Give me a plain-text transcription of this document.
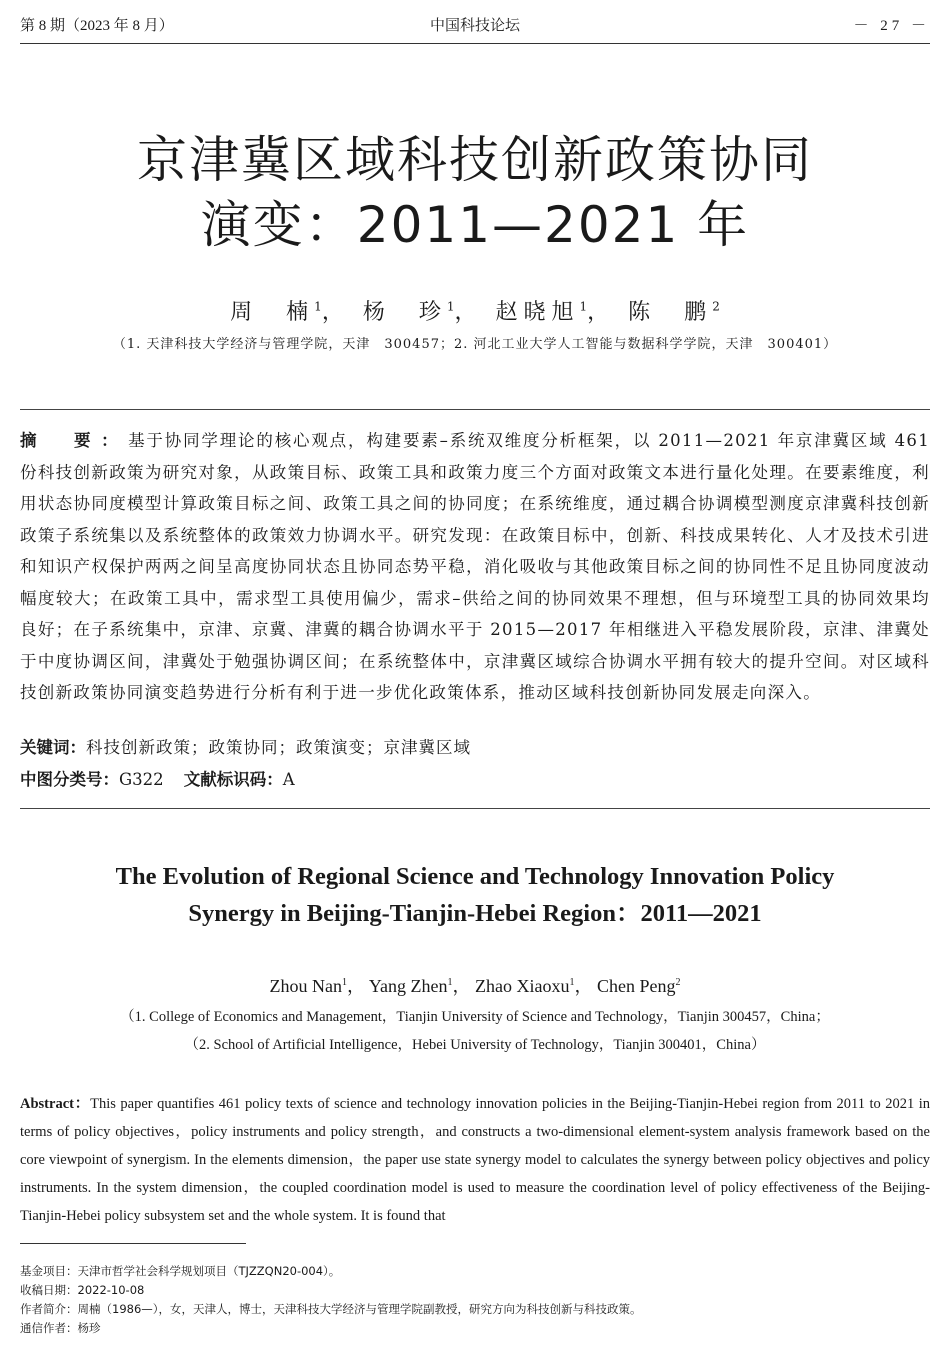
第 8 期（2023 年 8 月）	中国科技论坛	－ 27 －
京津冀区域科技创新政策协同
演变：2011—2021 年
周　楠$^1$， 杨　珍$^1$， 赵晓旭$^1$， 陈　鹏$^2$
（1. 天津科技大学经济与管理学院，天津　300457；2. 河北工业大学人工智能与数据科学学院，天津　300401）
摘　要：基于协同学理论的核心观点，构建要素–系统双维度分析框架，以 2011—2021 年京津冀区域 461 份科技创新政策为研究对象，从政策目标、政策工具和政策力度三个方面对政策文本进行量化处理。在要素维度，利用状态协同度模型计算政策目标之间、政策工具之间的协同度；在系统维度，通过耦合协调模型测度京津冀科技创新政策子系统集以及系统整体的政策效力协调水平。研究发现：在政策目标中，创新、科技成果转化、人才及技术引进和知识产权保护两两之间呈高度协同状态且协同态势平稳，消化吸收与其他政策目标之间的协同性不足且协同度波动幅度较大；在政策工具中，需求型工具使用偏少，需求–供给之间的协同效果不理想，但与环境型工具的协同效果均良好；在子系统集中，京津、京冀、津冀的耦合协调水平于 2015—2017 年相继进入平稳发展阶段，京津、津冀处于中度协调区间，津冀处于勉强协调区间；在系统整体中，京津冀区域综合协调水平拥有较大的提升空间。对区域科技创新政策协同演变趋势进行分析有利于进一步优化政策体系，推动区域科技创新协同发展走向深入。
关键词：科技创新政策；政策协同；政策演变；京津冀区域
中图分类号：G322 文献标识码：A
The Evolution of Regional Science and Technology Innovation Policy
Synergy in Beijing-Tianjin-Hebei Region：2011—2021
Zhou Nan$^1$， Yang Zhen$^1$， Zhao Xiaoxu$^1$， Chen Peng$^2$
（1. College of Economics and Management，Tianjin University of Science and Technology，Tianjin 300457，China；
（2. School of Artificial Intelligence，Hebei University of Technology，Tianjin 300401，China）
Abstract：This paper quantifies 461 policy texts of science and technology innovation policies in the Beijing-Tianjin-Hebei region from 2011 to 2021 in terms of policy objectives，policy instruments and policy strength，and constructs a two-dimensional element-system analysis framework based on the core viewpoint of synergism. In the elements dimension，the paper use state synergy model to calculates the synergy between policy objectives and policy instruments. In the system dimension，the coupled coordination model is used to measure the coordination level of policy effectiveness of the Beijing-Tianjin-Hebei policy subsystem set and the whole system. It is found that
基金项目：天津市哲学社会科学规划项目（TJZZQN20-004）。
收稿日期：2022-10-08
作者简介：周楠（1986—），女，天津人，博士，天津科技大学经济与管理学院副教授，研究方向为科技创新与科技政策。
通信作者：杨珍
